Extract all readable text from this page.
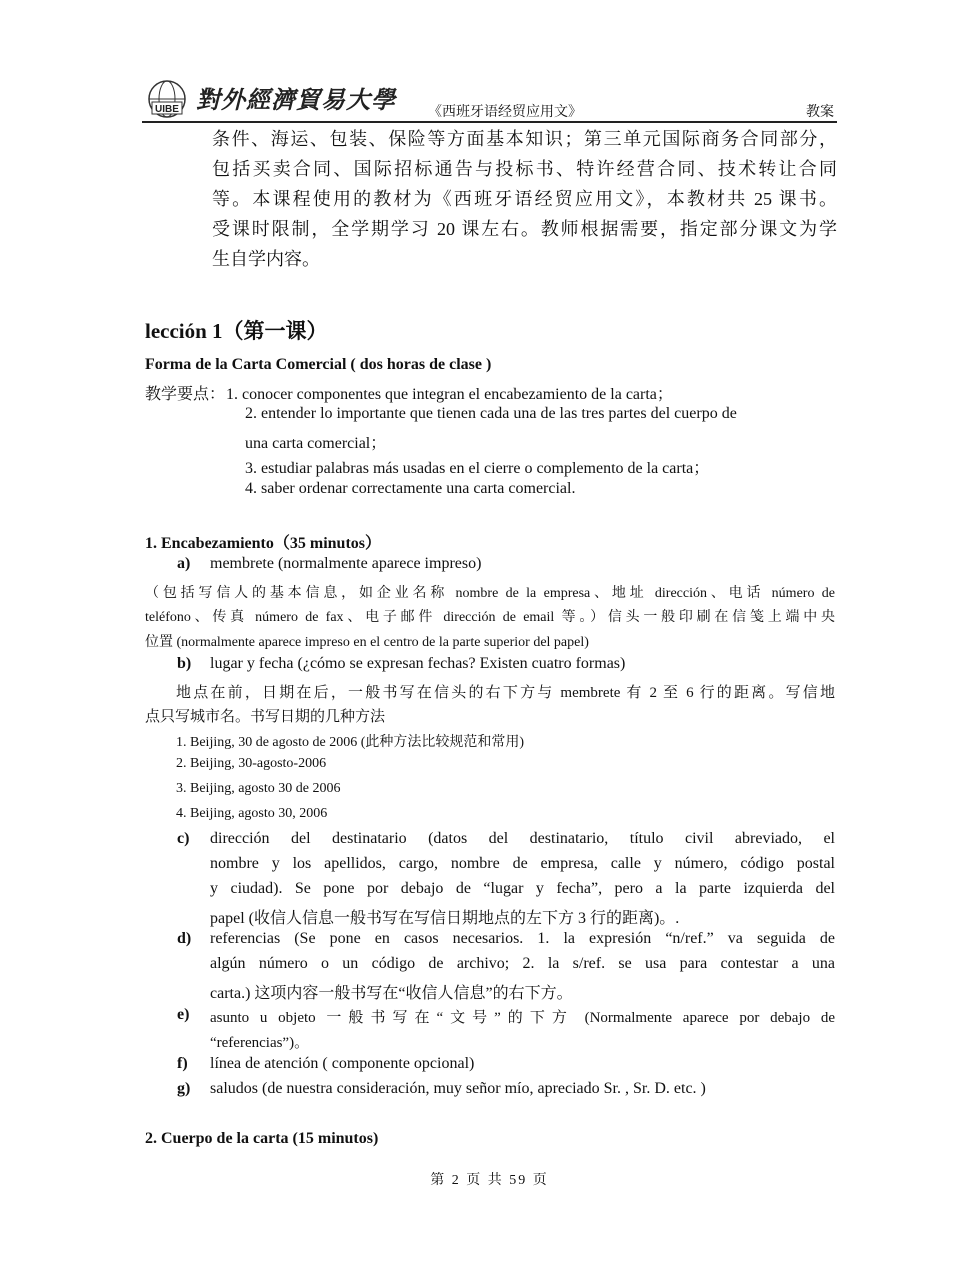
UIBE 對外經濟貿易大學 《西班牙语经贸应用文》	教案
条件、海运、包装、保险等方面基本知识；第三单元国际商务合同部分，
包括买卖合同、国际招标通告与投标书、特许经营合同、技术转让合同
等。本课程使用的教材为《西班牙语经贸应用文》，本教材共 25 课书。
受课时限制，全学期学习 20 课左右。教师根据需要，指定部分课文为学
生自学内容。
lección 1（第一课）
Forma de la Carta Comercial ( dos horas de clase )
教学要点： 1. conocer componentes que integran el encabezamiento de la carta；
2. entender lo importante que tienen cada una de las tres partes del cuerpo de
una carta comercial；
3. estudiar palabras más usadas en el cierre o complemento de la carta；
4. saber ordenar correctamente una carta comercial.
1. Encabezamiento（35 minutos）
a) membrete (normalmente aparece impreso)
（包括写信人的基本信息，如企业名称 nombre de la empresa、地址 dirección、电话 número de
teléfono、传真 número de fax、电子邮件 dirección de email 等。）信头一般印刷在信笺上端中央
位置 (normalmente aparece impreso en el centro de la parte superior del papel)
b) lugar y fecha (¿cómo se expresan fechas? Existen cuatro formas)
地点在前，日期在后，一般书写在信头的右下方与 membrete 有 2 至 6 行的距离。写信地
点只写城市名。书写日期的几种方法
1. Beijing, 30 de agosto de 2006 (此种方法比较规范和常用)
2. Beijing, 30-agosto-2006
3. Beijing, agosto 30 de 2006
4. Beijing, agosto 30, 2006
c) dirección del destinatario (datos del destinatario, título civil abreviado, el
nombre y los apellidos, cargo, nombre de empresa, calle y número, código postal
y ciudad). Se pone por debajo de “lugar y fecha”, pero a la parte izquierda del
papel (收信人信息一般书写在写信日期地点的左下方 3 行的距离)。.
d) referencias (Se pone en casos necesarios. 1. la expresión “n/ref.” va seguida de
algún número o un código de archivo; 2. la s/ref. se usa para contestar a una
carta.) 这项内容一般书写在“收信人信息”的右下方。
e) asunto u objeto 一般书写在“文号”的下方 (Normalmente aparece por debajo de
“referencias”)。
f) línea de atención ( componente opcional)
g) saludos (de nuestra consideración, muy señor mío, apreciado Sr. , Sr. D. etc. )
2. Cuerpo de la carta (15 minutos)
第 2 页 共 59 页
